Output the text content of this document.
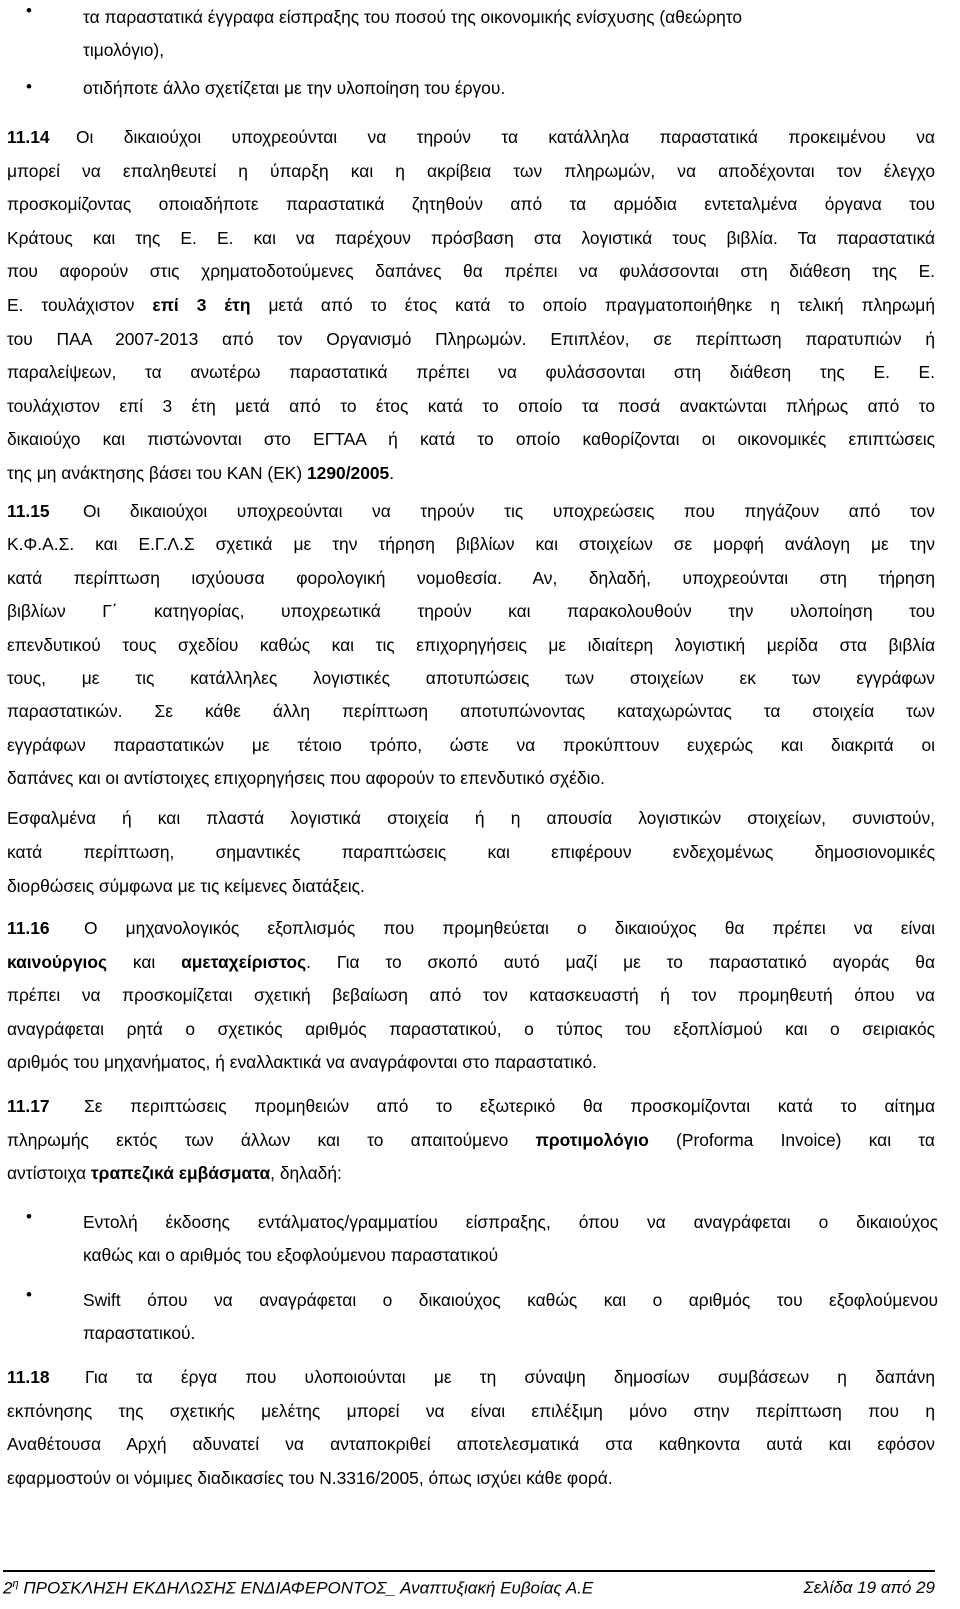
•	τα παραστατικά έγγραφα είσπραξης του ποσού της οικονομικής ενίσχυσης (αθεώρητο
τιμολόγιο),
•	οτιδήποτε άλλο σχετίζεται με την υλοποίηση του έργου.
11.14 Οι δικαιούχοι υποχρεούνται να τηρούν τα κατάλληλα παραστατικά προκειμένου να
μπορεί να επαληθευτεί η ύπαρξη και η ακρίβεια των πληρωμών, να αποδέχονται τον έλεγχο
προσκομίζοντας οποιαδήποτε παραστατικά ζητηθούν από τα αρμόδια εντεταλμένα όργανα του
Κράτους και της Ε. Ε. και να παρέχουν πρόσβαση στα λογιστικά τους βιβλία. Τα παραστατικά
που αφορούν στις χρηματοδοτούμενες δαπάνες θα πρέπει να φυλάσσονται στη διάθεση της Ε.
Ε. τουλάχιστον επί 3 έτη μετά από το έτος κατά το οποίο πραγματοποιήθηκε η τελική πληρωμή
του ΠΑΑ 2007-2013 από τον Οργανισμό Πληρωμών. Επιπλέον, σε περίπτωση παρατυπιών ή
παραλείψεων, τα ανωτέρω παραστατικά πρέπει να φυλάσσονται στη διάθεση της Ε. Ε.
τουλάχιστον επί 3 έτη μετά από το έτος κατά το οποίο τα ποσά ανακτώνται πλήρως από το
δικαιούχο και πιστώνονται στο ΕΓΤΑΑ ή κατά το οποίο καθορίζονται οι οικονομικές επιπτώσεις
της μη ανάκτησης βάσει του ΚΑΝ (ΕΚ) 1290/2005.
11.15 Οι δικαιούχοι υποχρεούνται να τηρούν τις υποχρεώσεις που πηγάζουν από τον
Κ.Φ.Α.Σ. και Ε.Γ.Λ.Σ σχετικά με την τήρηση βιβλίων και στοιχείων σε μορφή ανάλογη με την
κατά περίπτωση ισχύουσα φορολογική νομοθεσία. Αν, δηλαδή, υποχρεούνται στη τήρηση
βιβλίων Γ΄ κατηγορίας, υποχρεωτικά τηρούν και παρακολουθούν την υλοποίηση του
επενδυτικού τους σχεδίου καθώς και τις επιχορηγήσεις με ιδιαίτερη λογιστική μερίδα στα βιβλία
τους, με τις κατάλληλες λογιστικές αποτυπώσεις των στοιχείων εκ των εγγράφων
παραστατικών. Σε κάθε άλλη περίπτωση αποτυπώνοντας καταχωρώντας τα στοιχεία των
εγγράφων παραστατικών με τέτοιο τρόπο, ώστε να προκύπτουν ευχερώς και διακριτά οι
δαπάνες και οι αντίστοιχες επιχορηγήσεις που αφορούν το επενδυτικό σχέδιο.
Εσφαλμένα ή και πλαστά λογιστικά στοιχεία ή η απουσία λογιστικών στοιχείων, συνιστούν,
κατά περίπτωση, σημαντικές παραπτώσεις και επιφέρουν ενδεχομένως δημοσιονομικές
διορθώσεις σύμφωνα με τις κείμενες διατάξεις.
11.16 Ο μηχανολογικός εξοπλισμός που προμηθεύεται ο δικαιούχος θα πρέπει να είναι
καινούργιος και αμεταχείριστος. Για το σκοπό αυτό μαζί με το παραστατικό αγοράς θα
πρέπει να προσκομίζεται σχετική βεβαίωση από τον κατασκευαστή ή τον προμηθευτή όπου να
αναγράφεται ρητά ο σχετικός αριθμός παραστατικού, ο τύπος του εξοπλίσμού και ο σειριακός
αριθμός του μηχανήματος, ή εναλλακτικά να αναγράφονται στο παραστατικό.
11.17 Σε περιπτώσεις προμηθειών από το εξωτερικό θα προσκομίζονται κατά το αίτημα
πληρωμής εκτός των άλλων και το απαιτούμενο προτιμολόγιο (Proforma Invoice) και τα
αντίστοιχα τραπεζικά εμβάσματα, δηλαδή:
•	Εντολή έκδοσης εντάλματος/γραμματίου είσπραξης, όπου να αναγράφεται ο δικαιούχος
καθώς και ο αριθμός του εξοφλούμενου παραστατικού
•	Swift όπου να αναγράφεται ο δικαιούχος καθώς και ο αριθμός του εξοφλούμενου
παραστατικού.
11.18 Για τα έργα που υλοποιούνται με τη σύναψη δημοσίων συμβάσεων η δαπάνη
εκπόνησης της σχετικής μελέτης μπορεί να είναι επιλέξιμη μόνο στην περίπτωση που η
Αναθέτουσα Αρχή αδυνατεί να ανταποκριθεί αποτελεσματικά στα καθηκοντα αυτά και εφόσον
εφαρμοστούν οι νόμιμες διαδικασίες του Ν.3316/2005, όπως ισχύει κάθε φορά.
$2^\eta$ ΠΡΟΣΚΛΗΣΗ ΕΚΔΗΛΩΣΗΣ ΕΝΔΙΑΦΕΡΟΝΤΟΣ_ Αναπτυξιακή Ευβοίας Α.Ε	Σελίδα 19 από 29
